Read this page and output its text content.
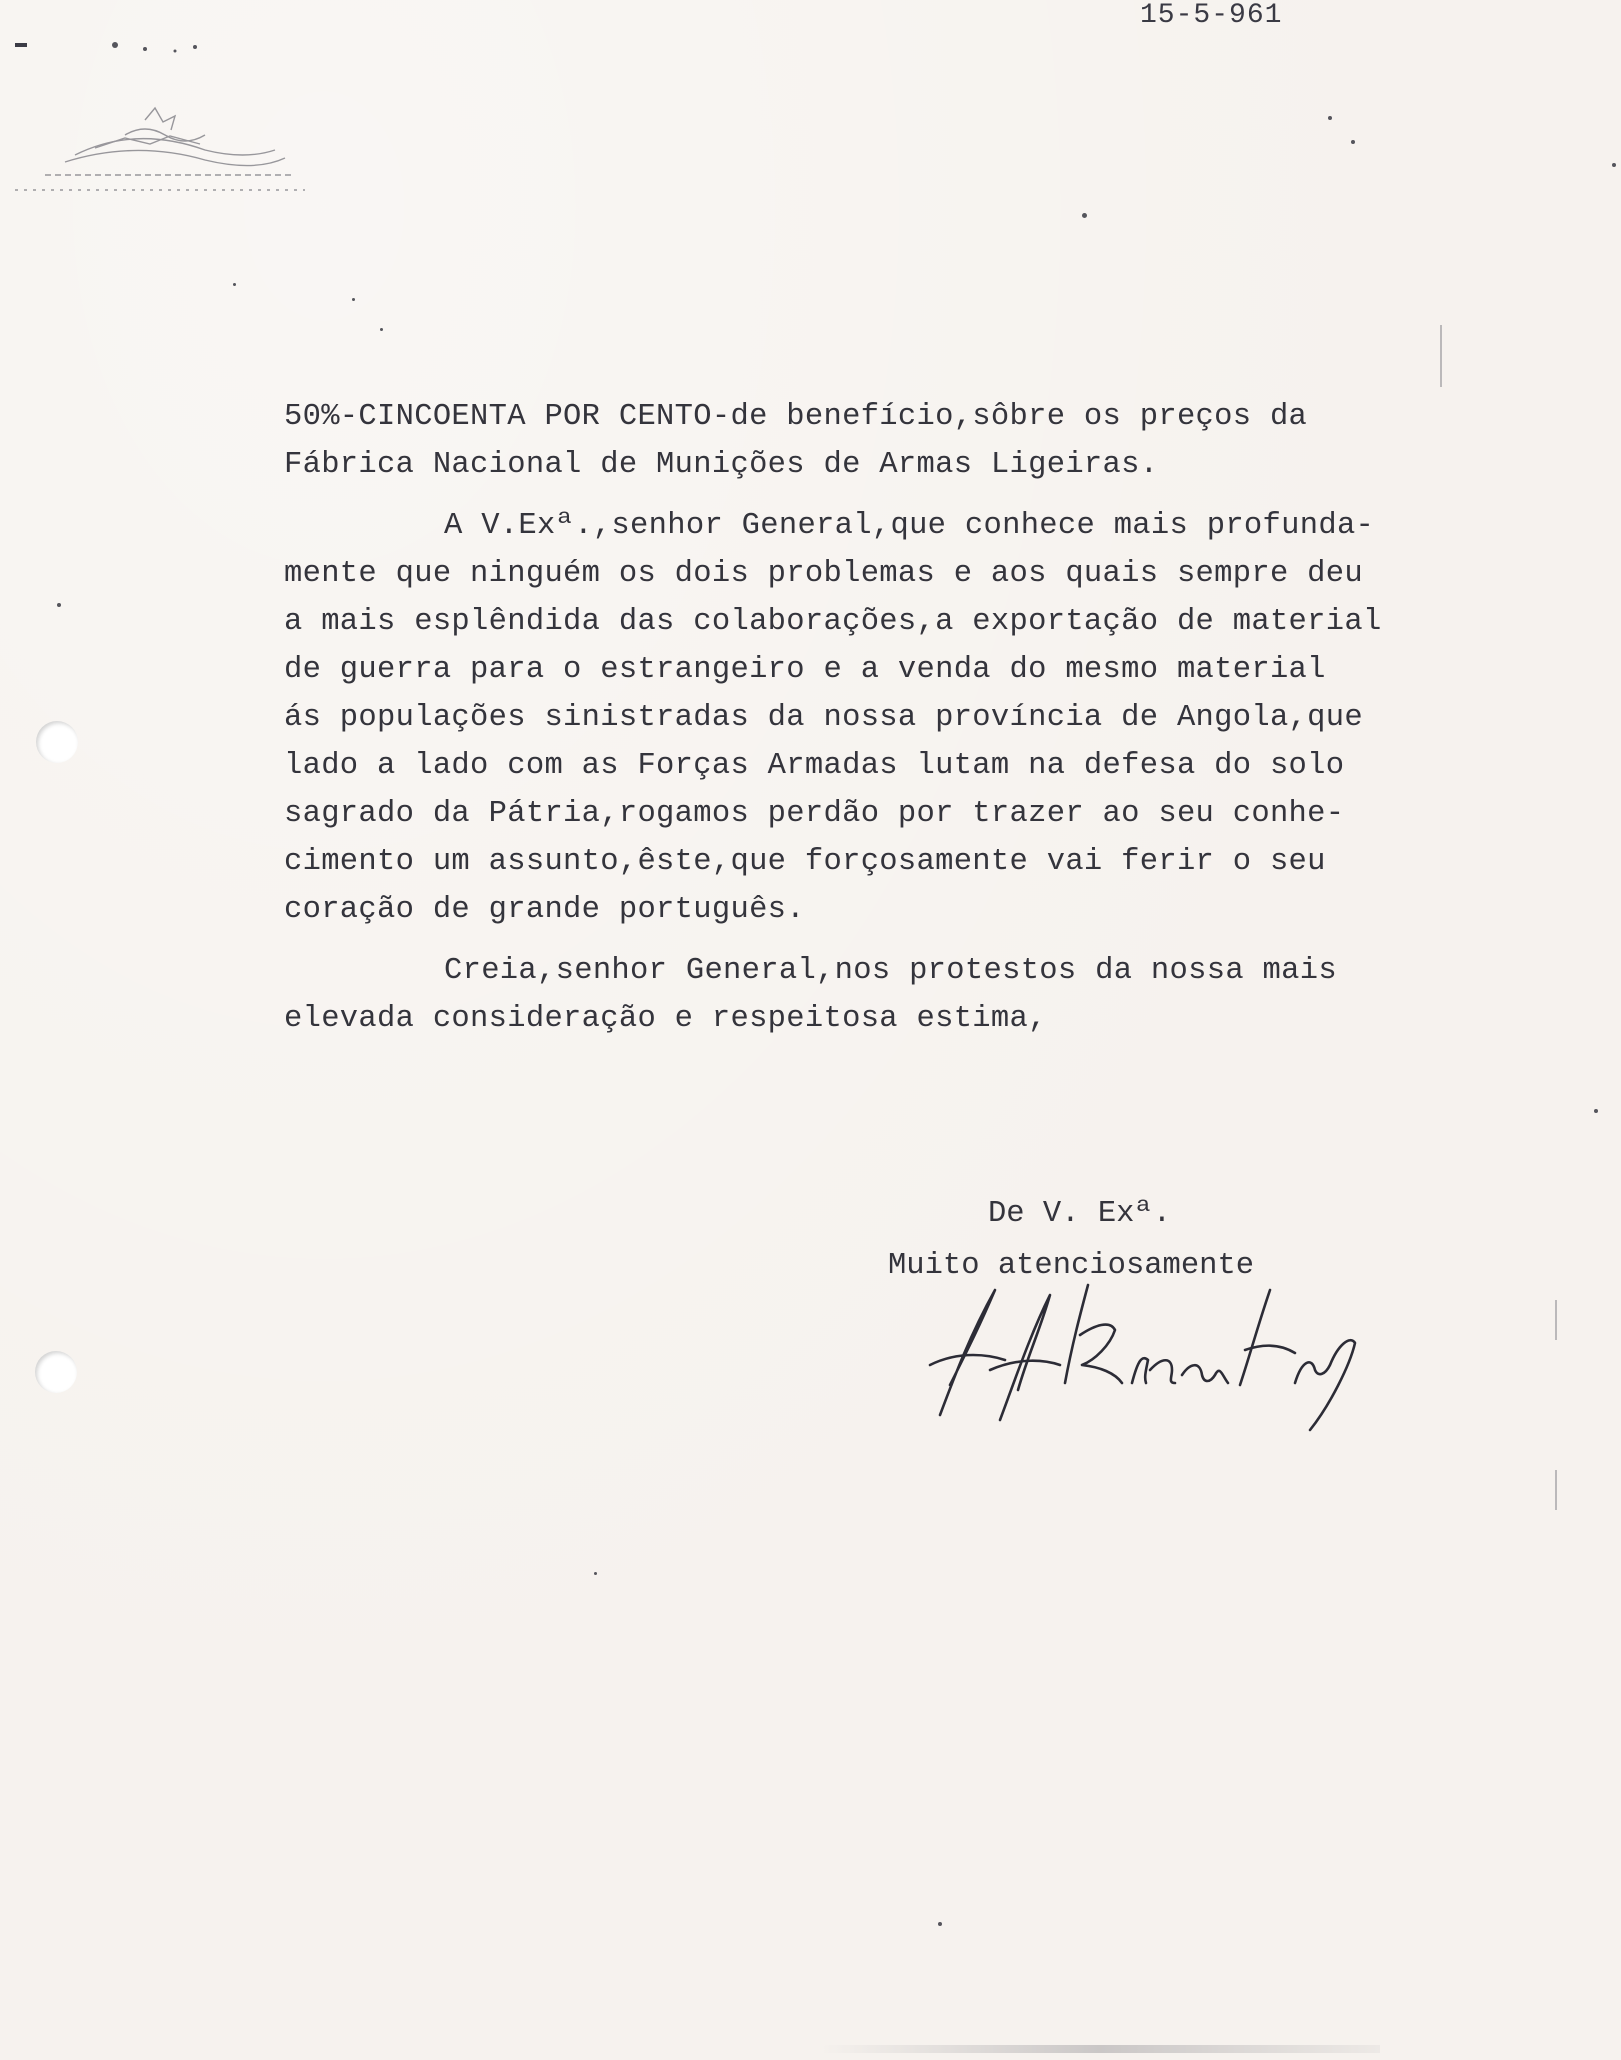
15-5-961

50%-CINCOENTA POR CENTO-de benefício,sôbre os preços da

Fábrica Nacional de Munições de Armas Ligeiras.

A V.Exª.,senhor General,que conhece mais profunda-

mente que ninguém os dois problemas e aos quais sempre deu

a mais esplêndida das colaborações,a exportação de material

de guerra para o estrangeiro e a venda do mesmo material

ás populações sinistradas da nossa província de Angola,que

lado a lado com as Forças Armadas lutam na defesa do solo

sagrado da Pátria,rogamos perdão por trazer ao seu conhe-

cimento um assunto,êste,que forçosamente vai ferir o seu

coração de grande português.

Creia,senhor General,nos protestos da nossa mais

elevada consideração e respeitosa estima,

De V. Exª.
Muito atenciosamente
